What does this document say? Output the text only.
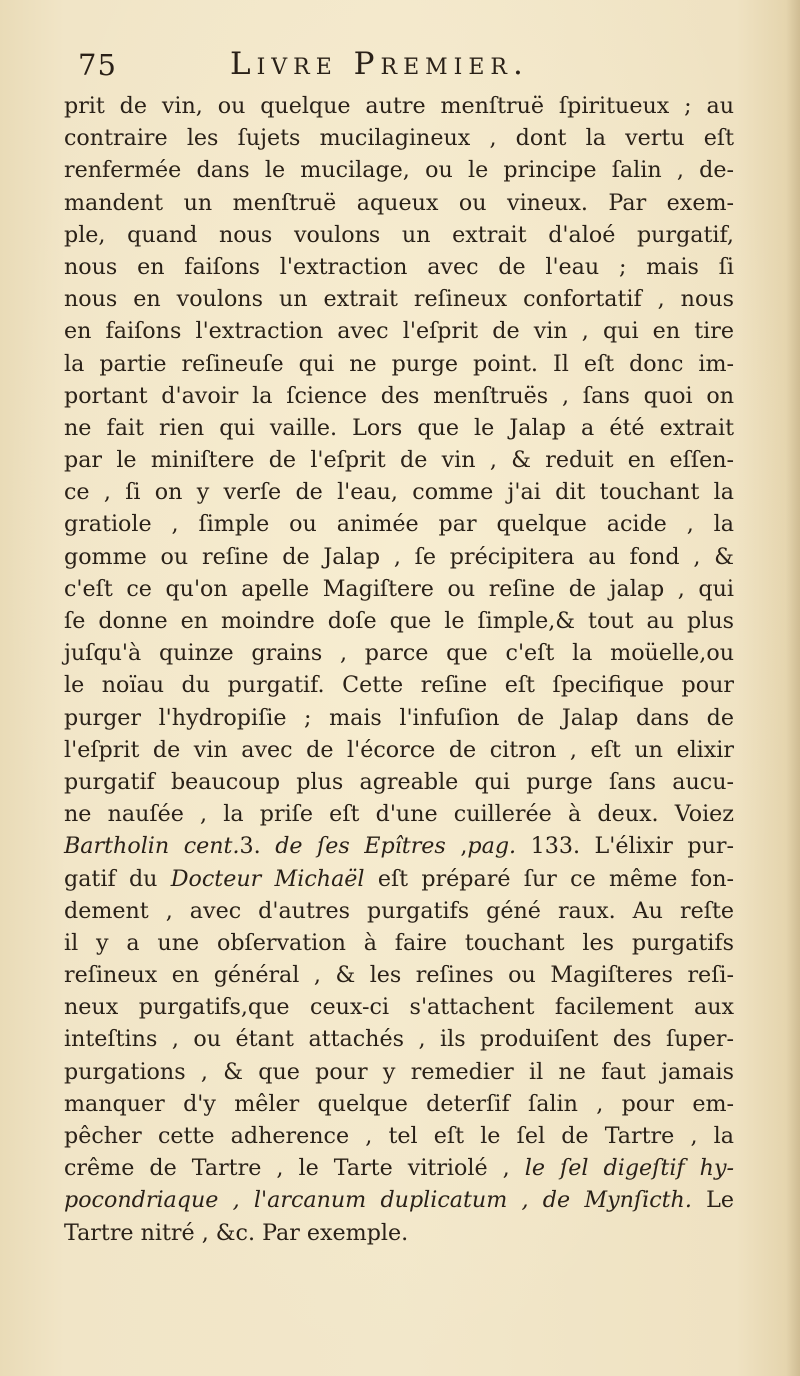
75	Livre Premier.
prit de vin, ou quelque autre menſtruë ſpiritueux ; au
contraire les ſujets mucilagineux , dont la vertu eſt
renfermée dans le mucilage, ou le principe ſalin , de-
mandent un menſtruë aqueux ou vineux. Par exem-
ple, quand nous voulons un extrait d'aloé purgatif,
nous en faiſons l'extraction avec de l'eau ; mais ſi
nous en voulons un extrait reſineux confortatif , nous
en faiſons l'extraction avec l'eſprit de vin , qui en tire
la partie reſineuſe qui ne purge point. Il eſt donc im-
portant d'avoir la ſcience des menſtruës , ſans quoi on
ne fait rien qui vaille. Lors que le Jalap a été extrait
par le miniſtere de l'eſprit de vin , & reduit en eſſen-
ce , ſi on y verſe de l'eau, comme j'ai dit touchant la
gratiole , ſimple ou animée par quelque acide , la
gomme ou reſine de Jalap , ſe précipitera au fond , &
c'eſt ce qu'on apelle Magiſtere ou reſine de jalap , qui
ſe donne en moindre doſe que le ſimple,& tout au plus
juſqu'à quinze grains , parce que c'eſt la moüelle,ou
le noïau du purgatif. Cette reſine eſt ſpecifique pour
purger l'hydropiſie ; mais l'infuſion de Jalap dans de
l'eſprit de vin avec de l'écorce de citron , eſt un elixir
purgatif beaucoup plus agreable qui purge ſans aucu-
ne nauſée , la priſe eſt d'une cuillerée à deux. Voiez
Bartholin cent.3. de ſes Epîtres ,pag. 133. L'élixir pur-
gatif du Docteur Michaël eſt préparé ſur ce même fon-
dement , avec d'autres purgatifs géné raux. Au reſte
il y a une obſervation à faire touchant les purgatifs
reſineux en général , & les reſines ou Magiſteres reſi-
neux purgatifs,que ceux-ci s'attachent facilement aux
inteſtins , ou étant attachés , ils produiſent des ſuper-
purgations , & que pour y remedier il ne faut jamais
manquer d'y mêler quelque deterſif ſalin , pour em-
pêcher cette adherence , tel eſt le ſel de Tartre , la
crême de Tartre , le Tarte vitriolé , le ſel digeſtif hy-
pocondriaque , l'arcanum duplicatum , de Mynſicth. Le
Tartre nitré , &c. Par exemple.
